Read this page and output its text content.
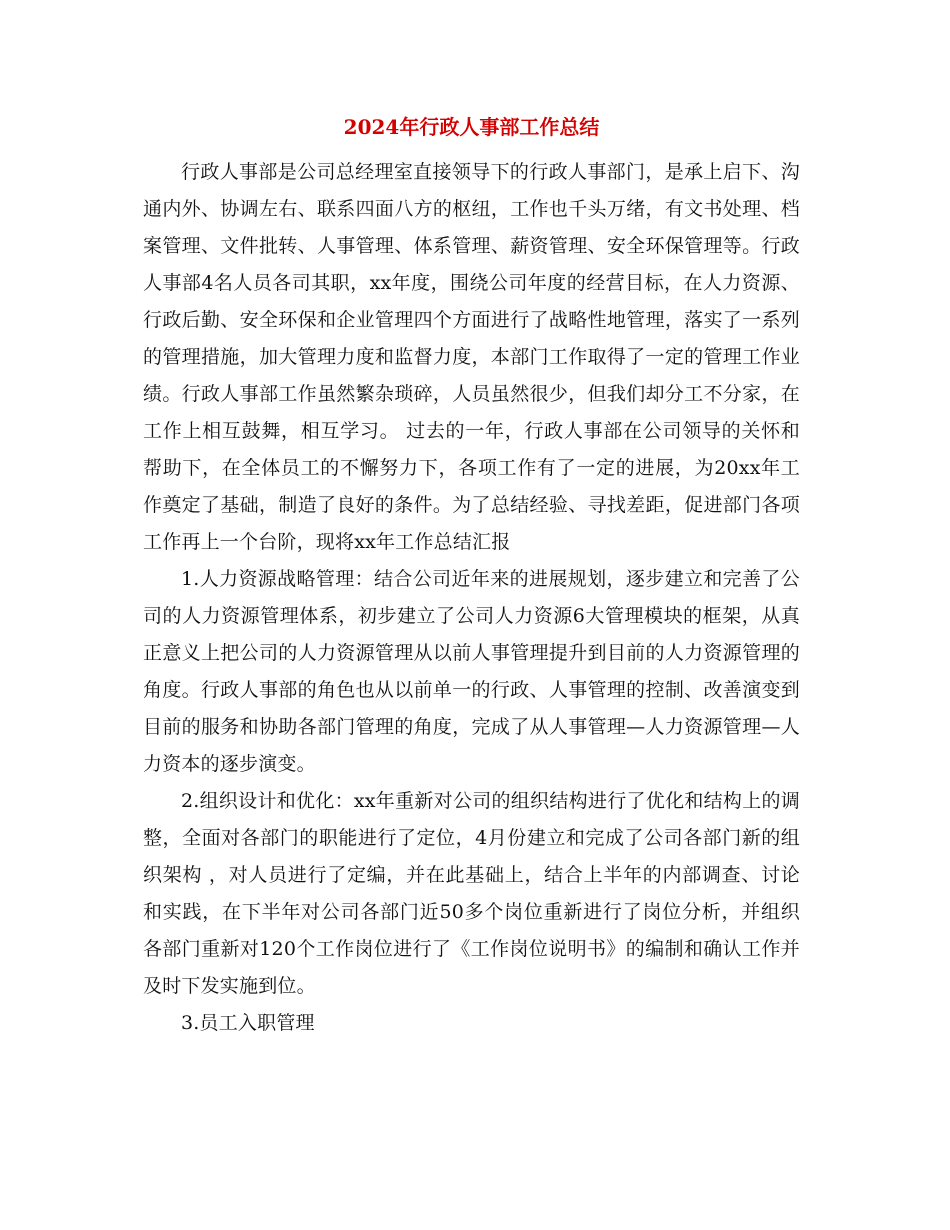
2024年行政人事部工作总结

行政人事部是公司总经理室直接领导下的行政人事部门，是承上启下、沟通内外、协调左右、联系四面八方的枢纽，工作也千头万绪，有文书处理、档案管理、文件批转、人事管理、体系管理、薪资管理、安全环保管理等。行政人事部4名人员各司其职，xx年度，围绕公司年度的经营目标，在人力资源、行政后勤、安全环保和企业管理四个方面进行了战略性地管理，落实了一系列的管理措施，加大管理力度和监督力度，本部门工作取得了一定的管理工作业绩。行政人事部工作虽然繁杂琐碎，人员虽然很少，但我们却分工不分家，在工作上相互鼓舞，相互学习。 过去的一年，行政人事部在公司领导的关怀和帮助下，在全体员工的不懈努力下，各项工作有了一定的进展，为20xx年工作奠定了基础，制造了良好的条件。为了总结经验、寻找差距，促进部门各项工作再上一个台阶，现将xx年工作总结汇报

1.人力资源战略管理：结合公司近年来的进展规划，逐步建立和完善了公司的人力资源管理体系，初步建立了公司人力资源6大管理模块的框架，从真正意义上把公司的人力资源管理从以前人事管理提升到目前的人力资源管理的角度。行政人事部的角色也从以前单一的行政、人事管理的控制、改善演变到目前的服务和协助各部门管理的角度，完成了从人事管理—人力资源管理—人力资本的逐步演变。

2.组织设计和优化：xx年重新对公司的组织结构进行了优化和结构上的调整，全面对各部门的职能进行了定位，4月份建立和完成了公司各部门新的组织架构 ，对人员进行了定编，并在此基础上，结合上半年的内部调查、讨论和实践，在下半年对公司各部门近50多个岗位重新进行了岗位分析，并组织各部门重新对120个工作岗位进行了《工作岗位说明书》的编制和确认工作并及时下发实施到位。

3.员工入职管理
